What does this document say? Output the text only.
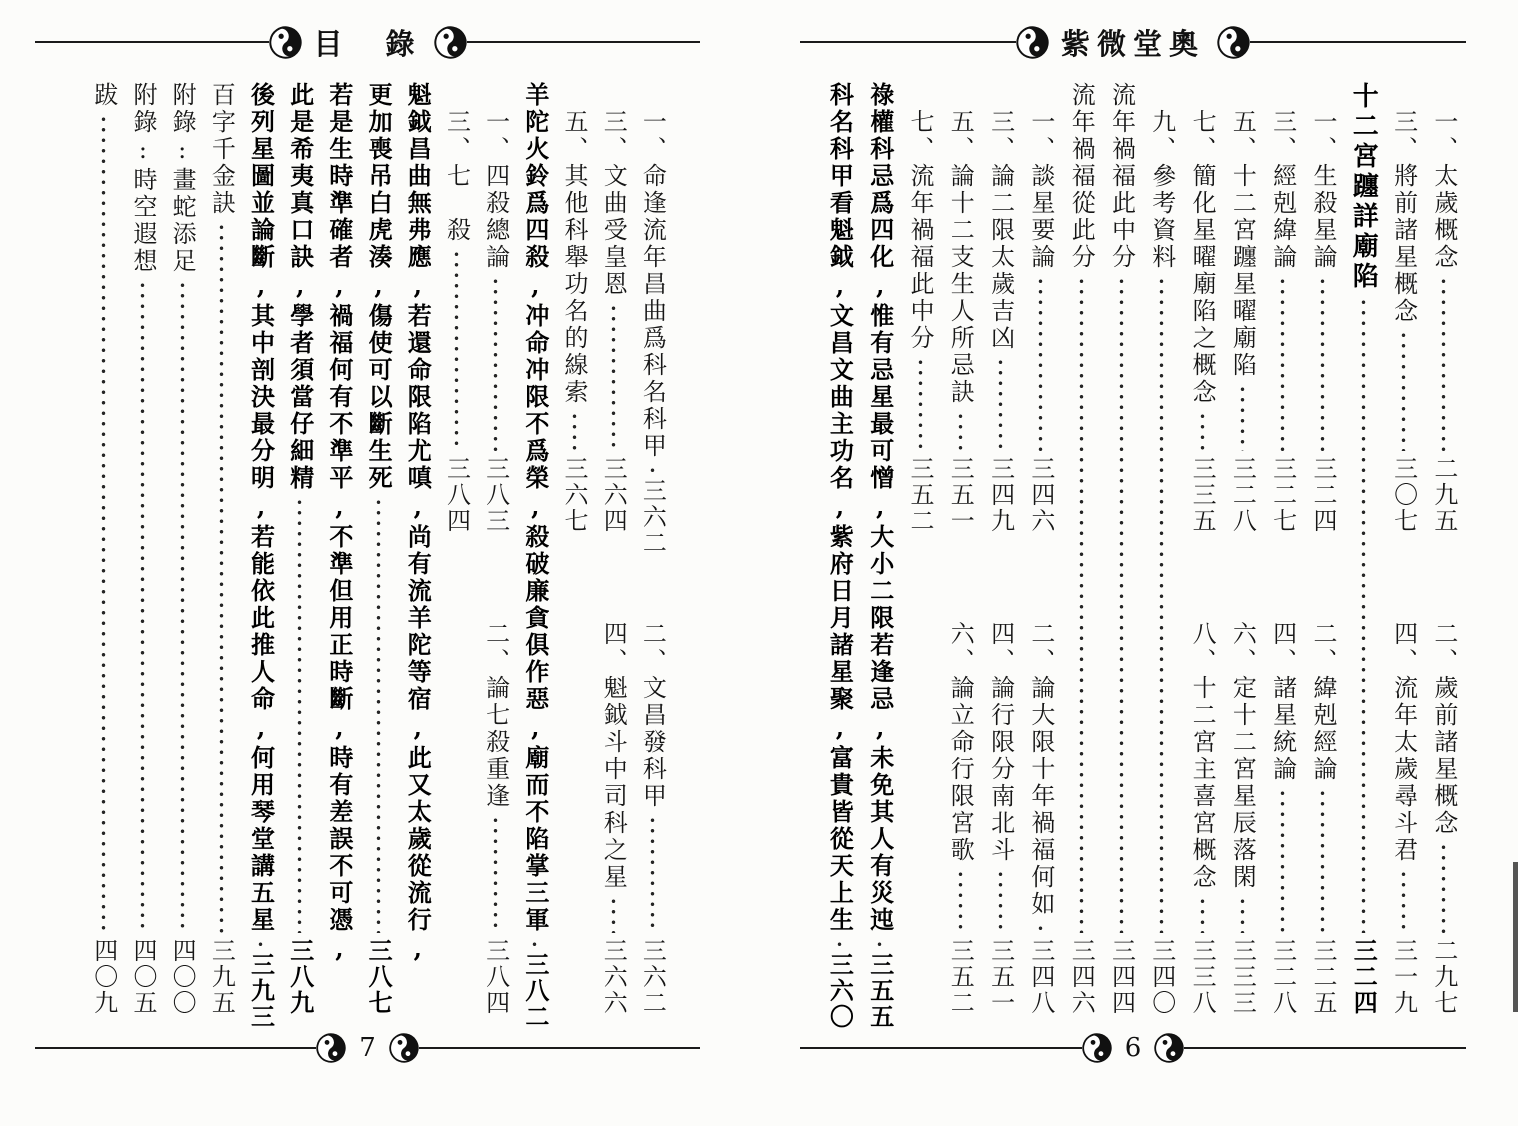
目　錄
一、命逢流年昌曲爲科名科甲
三六二
二、文昌發科甲
三六二
三、文曲受皇恩
三六四
四、魁鉞斗中司科之星
三六六
五、其他科舉功名的線索
三六七
羊陀火鈴爲四殺,冲命冲限不爲榮,殺破廉貪俱作惡,廟而不陷掌三軍
三八二
一、四殺總論
三八三
二、論七殺重逢
三八四
三、七　殺
三八四
魁鉞昌曲無弗應,若還命限陷尤嗔,尚有流羊陀等宿,此又太歲從流行,
更加喪吊白虎湊,傷使可以斷生死
三八七
若是生時準確者,禍福何有不準平,不準但用正時斷,時有差誤不可憑,
此是希夷真口訣,學者須當仔細精
三八九
後列星圖並論斷,其中剖決最分明,若能依此推人命,何用琴堂講五星
三九三
百字千金訣
三九五
附錄:畫蛇添足
四〇〇
附錄:時空遐想
四〇五
跋
四〇九
7
紫微堂奧
一、太歲概念
二九五
二、歲前諸星概念
二九七
三、將前諸星概念
三〇七
四、流年太歲尋斗君
三一九
十二宮躔詳廟陷
三二四
一、生殺星論
三二四
二、緯剋經論
三二五
三、經剋緯論
三二七
四、諸星統論
三二八
五、十二宮躔星曜廟陷
三二八
六、定十二宮星辰落閑
三三三
七、簡化星曜廟陷之概念
三三五
八、十二宮主喜宮概念
三三八
九、參考資料
三四〇
流年禍福此中分
三四四
流年禍福從此分
三四六
一、談星要論
三四六
二、論大限十年禍福何如
三四八
三、論二限太歲吉凶
三四九
四、論行限分南北斗
三五一
五、論十二支生人所忌訣
三五一
六、論立命行限宮歌
三五二
七、流年禍福此中分
三五二
祿權科忌爲四化,惟有忌星最可憎,大小二限若逢忌,未免其人有災迍
三五五
科名科甲看魁鉞,文昌文曲主功名,紫府日月諸星聚,富貴皆從天上生
三六〇
6
